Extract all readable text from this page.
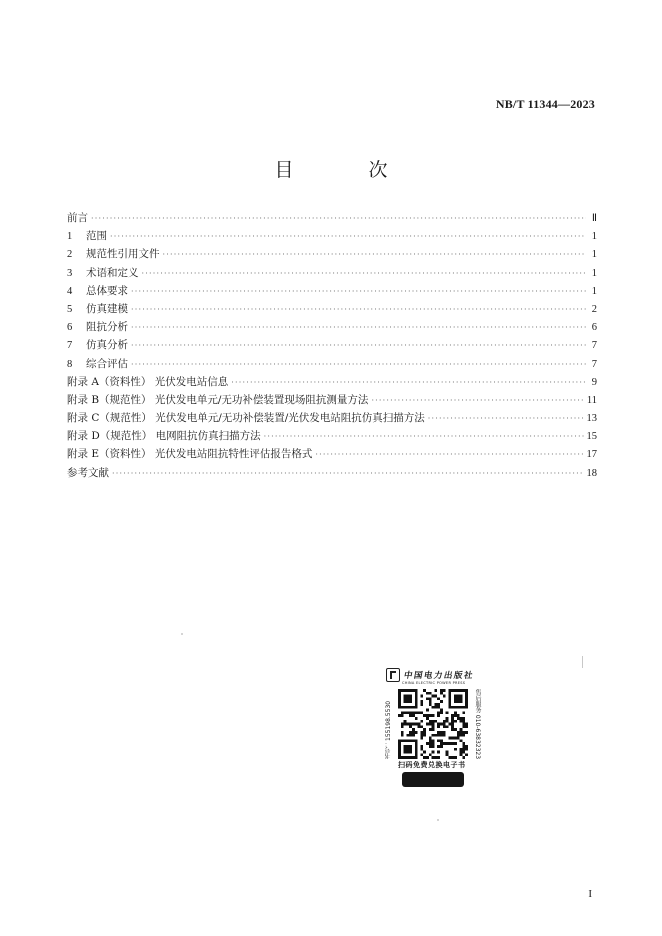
NB/T 11344—2023
目　次
前言 ·····	Ⅱ
1	范围 ·····	1
2	规范性引用文件 ·····	1
3	术语和定义 ·····	1
4	总体要求 ·····	1
5	仿真建模 ·····	2
6	阻抗分析 ·····	6
7	仿真分析 ·····	7
8	综合评估 ·····	7
附录 A（资料性） 光伏发电站信息 ·····	9
附录 B（规范性） 光伏发电单元/无功补偿装置现场阻抗测量方法 ·····	11
附录 C（规范性） 光伏发电单元/无功补偿装置/光伏发电站阻抗仿真扫描方法 ·····	13
附录 D（规范性） 电网阻抗仿真扫描方法 ·····	15
附录 E（资料性） 光伏发电站阻抗特性评估报告格式 ·····	17
参考文献 ·····	18
中国电力出版社
CHINA ELECTRIC POWER PRESS
书号：155198.5530	售后服务 010-63832323
扫码免费兑换电子书
I
